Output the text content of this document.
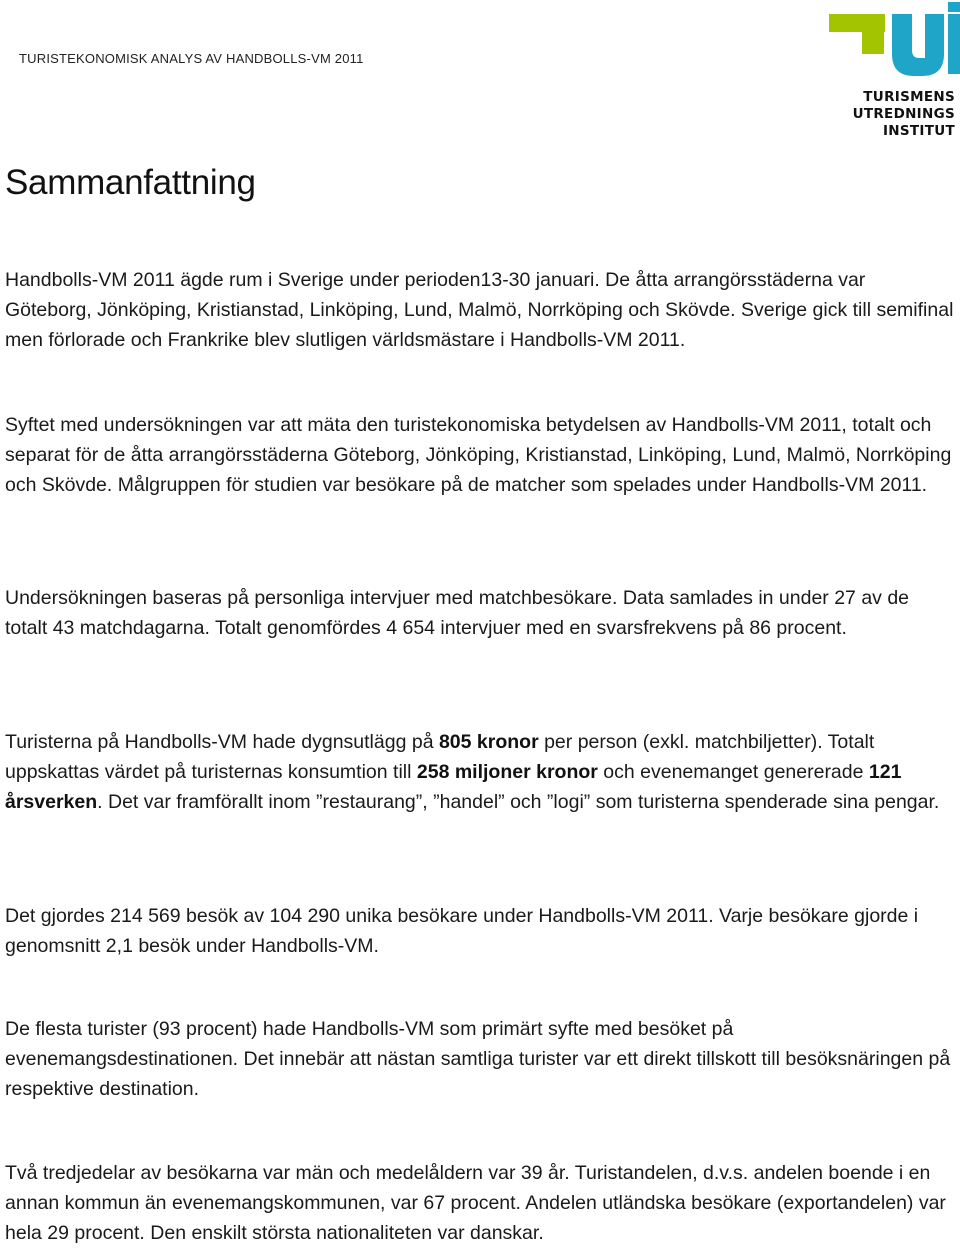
TURISTEKONOMISK ANALYS AV HANDBOLLS-VM 2011
TURISMENS
UTREDNINGS
INSTITUT
Sammanfattning

Handbolls-VM 2011 ägde rum i Sverige under perioden13-30 januari. De åtta arrangörsstäderna var Göteborg, Jönköping, Kristianstad, Linköping, Lund, Malmö, Norrköping och Skövde. Sverige gick till semifinal men förlorade och Frankrike blev slutligen världsmästare i Handbolls-VM 2011.

Syftet med undersökningen var att mäta den turistekonomiska betydelsen av Handbolls-VM 2011, totalt och separat för de åtta arrangörsstäderna Göteborg, Jönköping, Kristianstad, Linköping, Lund, Malmö, Norrköping och Skövde. Målgruppen för studien var besökare på de matcher som spelades under Handbolls-VM 2011.

Undersökningen baseras på personliga intervjuer med matchbesökare. Data samlades in under 27 av de totalt 43 matchdagarna. Totalt genomfördes 4 654 intervjuer med en svarsfrekvens på 86 procent.

Turisterna på Handbolls-VM hade dygnsutlägg på 805 kronor per person (exkl. matchbiljetter). Totalt uppskattas värdet på turisternas konsumtion till 258 miljoner kronor och evenemanget genererade 121 årsverken. Det var framförallt inom ”restaurang”, ”handel” och ”logi” som turisterna spenderade sina pengar.

Det gjordes 214 569 besök av 104 290 unika besökare under Handbolls-VM 2011. Varje besökare gjorde i genomsnitt 2,1 besök under Handbolls-VM.

De flesta turister (93 procent) hade Handbolls-VM som primärt syfte med besöket på evenemangsdestinationen. Det innebär att nästan samtliga turister var ett direkt tillskott till besöksnäringen på respektive destination.

Två tredjedelar av besökarna var män och medelåldern var 39 år. Turistandelen, d.v.s. andelen boende i en annan kommun än evenemangskommunen, var 67 procent. Andelen utländska besökare (exportandelen) var hela 29 procent. Den enskilt största nationaliteten var danskar.
